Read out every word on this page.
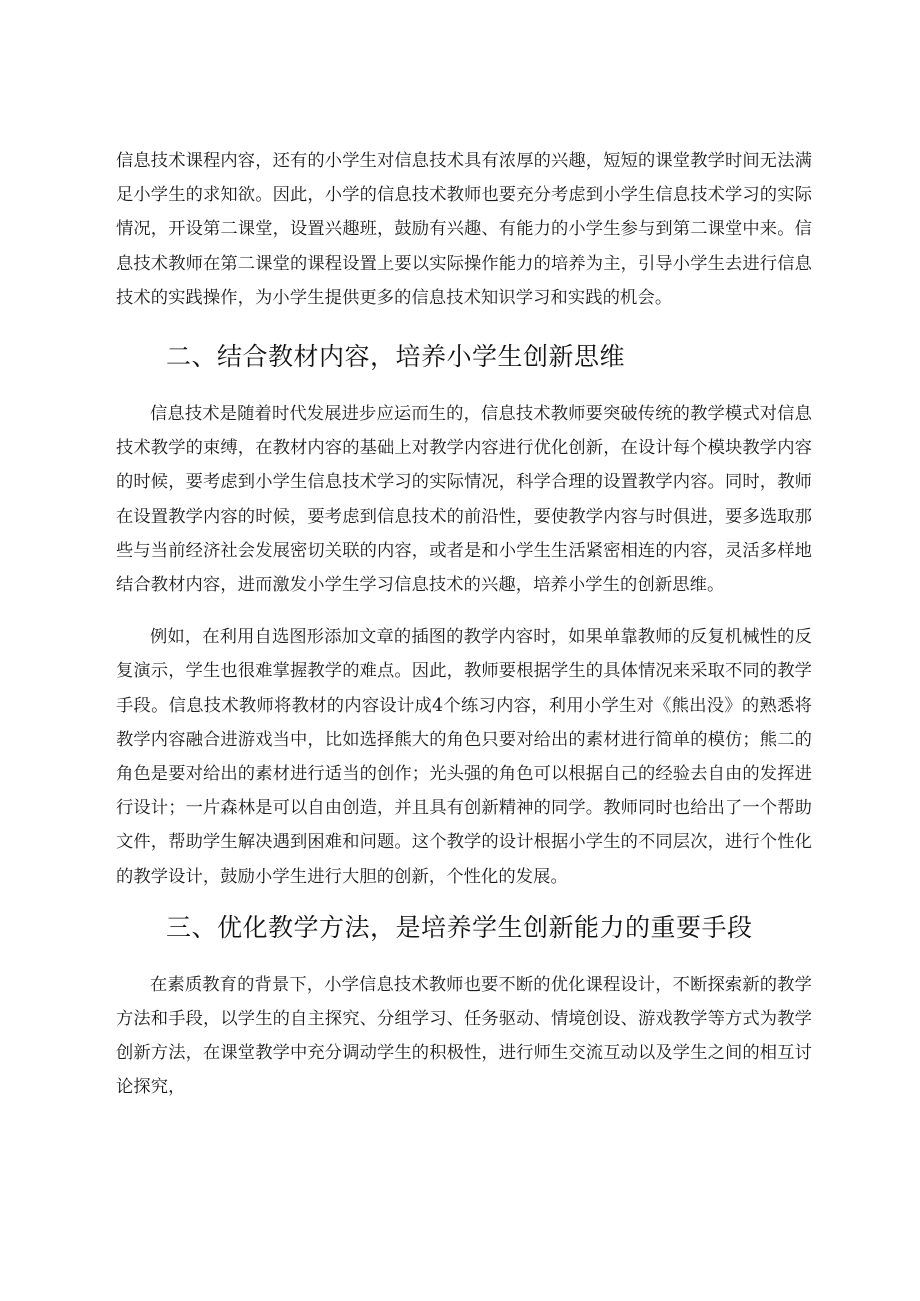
信息技术课程内容，还有的小学生对信息技术具有浓厚的兴趣，短短的课堂教学时间无法满足小学生的求知欲。因此，小学的信息技术教师也要充分考虑到小学生信息技术学习的实际情况，开设第二课堂，设置兴趣班，鼓励有兴趣、有能力的小学生参与到第二课堂中来。信息技术教师在第二课堂的课程设置上要以实际操作能力的培养为主，引导小学生去进行信息技术的实践操作，为小学生提供更多的信息技术知识学习和实践的机会。

二、结合教材内容，培养小学生创新思维

信息技术是随着时代发展进步应运而生的，信息技术教师要突破传统的教学模式对信息技术教学的束缚，在教材内容的基础上对教学内容进行优化创新，在设计每个模块教学内容的时候，要考虑到小学生信息技术学习的实际情况，科学合理的设置教学内容。同时，教师在设置教学内容的时候，要考虑到信息技术的前沿性，要使教学内容与时俱进，要多选取那些与当前经济社会发展密切关联的内容，或者是和小学生生活紧密相连的内容，灵活多样地结合教材内容，进而激发小学生学习信息技术的兴趣，培养小学生的创新思维。

例如，在利用自选图形添加文章的插图的教学内容时，如果单靠教师的反复机械性的反复演示，学生也很难掌握教学的难点。因此，教师要根据学生的具体情况来采取不同的教学手段。信息技术教师将教材的内容设计成4个练习内容，利用小学生对《熊出没》的熟悉将教学内容融合进游戏当中，比如选择熊大的角色只要对给出的素材进行简单的模仿；熊二的角色是要对给出的素材进行适当的创作；光头强的角色可以根据自己的经验去自由的发挥进行设计；一片森林是可以自由创造，并且具有创新精神的同学。教师同时也给出了一个帮助文件，帮助学生解决遇到困难和问题。这个教学的设计根据小学生的不同层次，进行个性化的教学设计，鼓励小学生进行大胆的创新，个性化的发展。

三、优化教学方法，是培养学生创新能力的重要手段

在素质教育的背景下，小学信息技术教师也要不断的优化课程设计，不断探索新的教学方法和手段，以学生的自主探究、分组学习、任务驱动、情境创设、游戏教学等方式为教学创新方法，在课堂教学中充分调动学生的积极性，进行师生交流互动以及学生之间的相互讨论探究，
